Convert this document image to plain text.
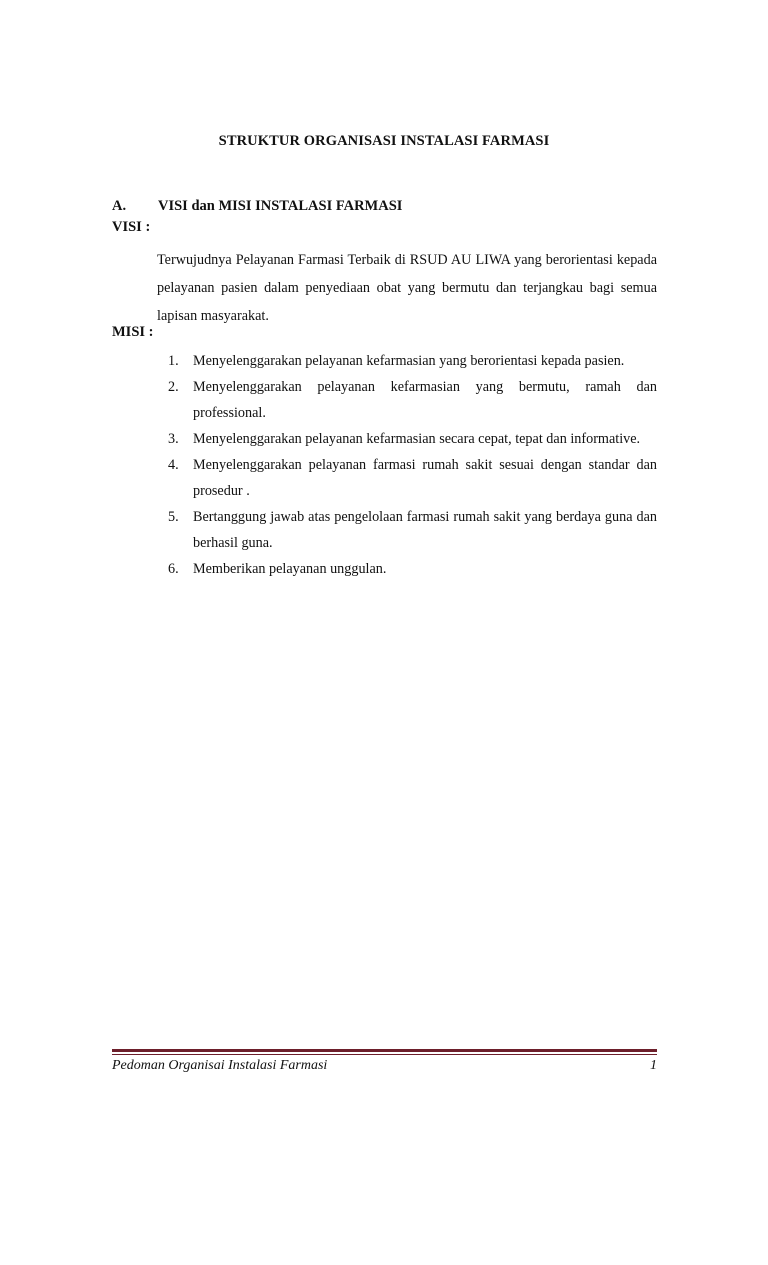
STRUKTUR ORGANISASI INSTALASI FARMASI
A. VISI dan MISI INSTALASI FARMASI
VISI :

Terwujudnya Pelayanan Farmasi Terbaik di RSUD AU LIWA yang berorientasi kepada pelayanan pasien dalam penyediaan obat yang bermutu dan terjangkau bagi semua lapisan masyarakat.

MISI :
1. Menyelenggarakan pelayanan kefarmasian yang berorientasi kepada pasien.
2. Menyelenggarakan pelayanan kefarmasian yang bermutu, ramah dan professional.
3. Menyelenggarakan pelayanan kefarmasian secara cepat, tepat dan informative.
4. Menyelenggarakan pelayanan farmasi rumah sakit sesuai dengan standar dan prosedur .
5. Bertanggung jawab atas pengelolaan farmasi rumah sakit yang berdaya guna dan berhasil guna.
6. Memberikan pelayanan unggulan.
Pedoman Organisai Instalasi Farmasi	1
